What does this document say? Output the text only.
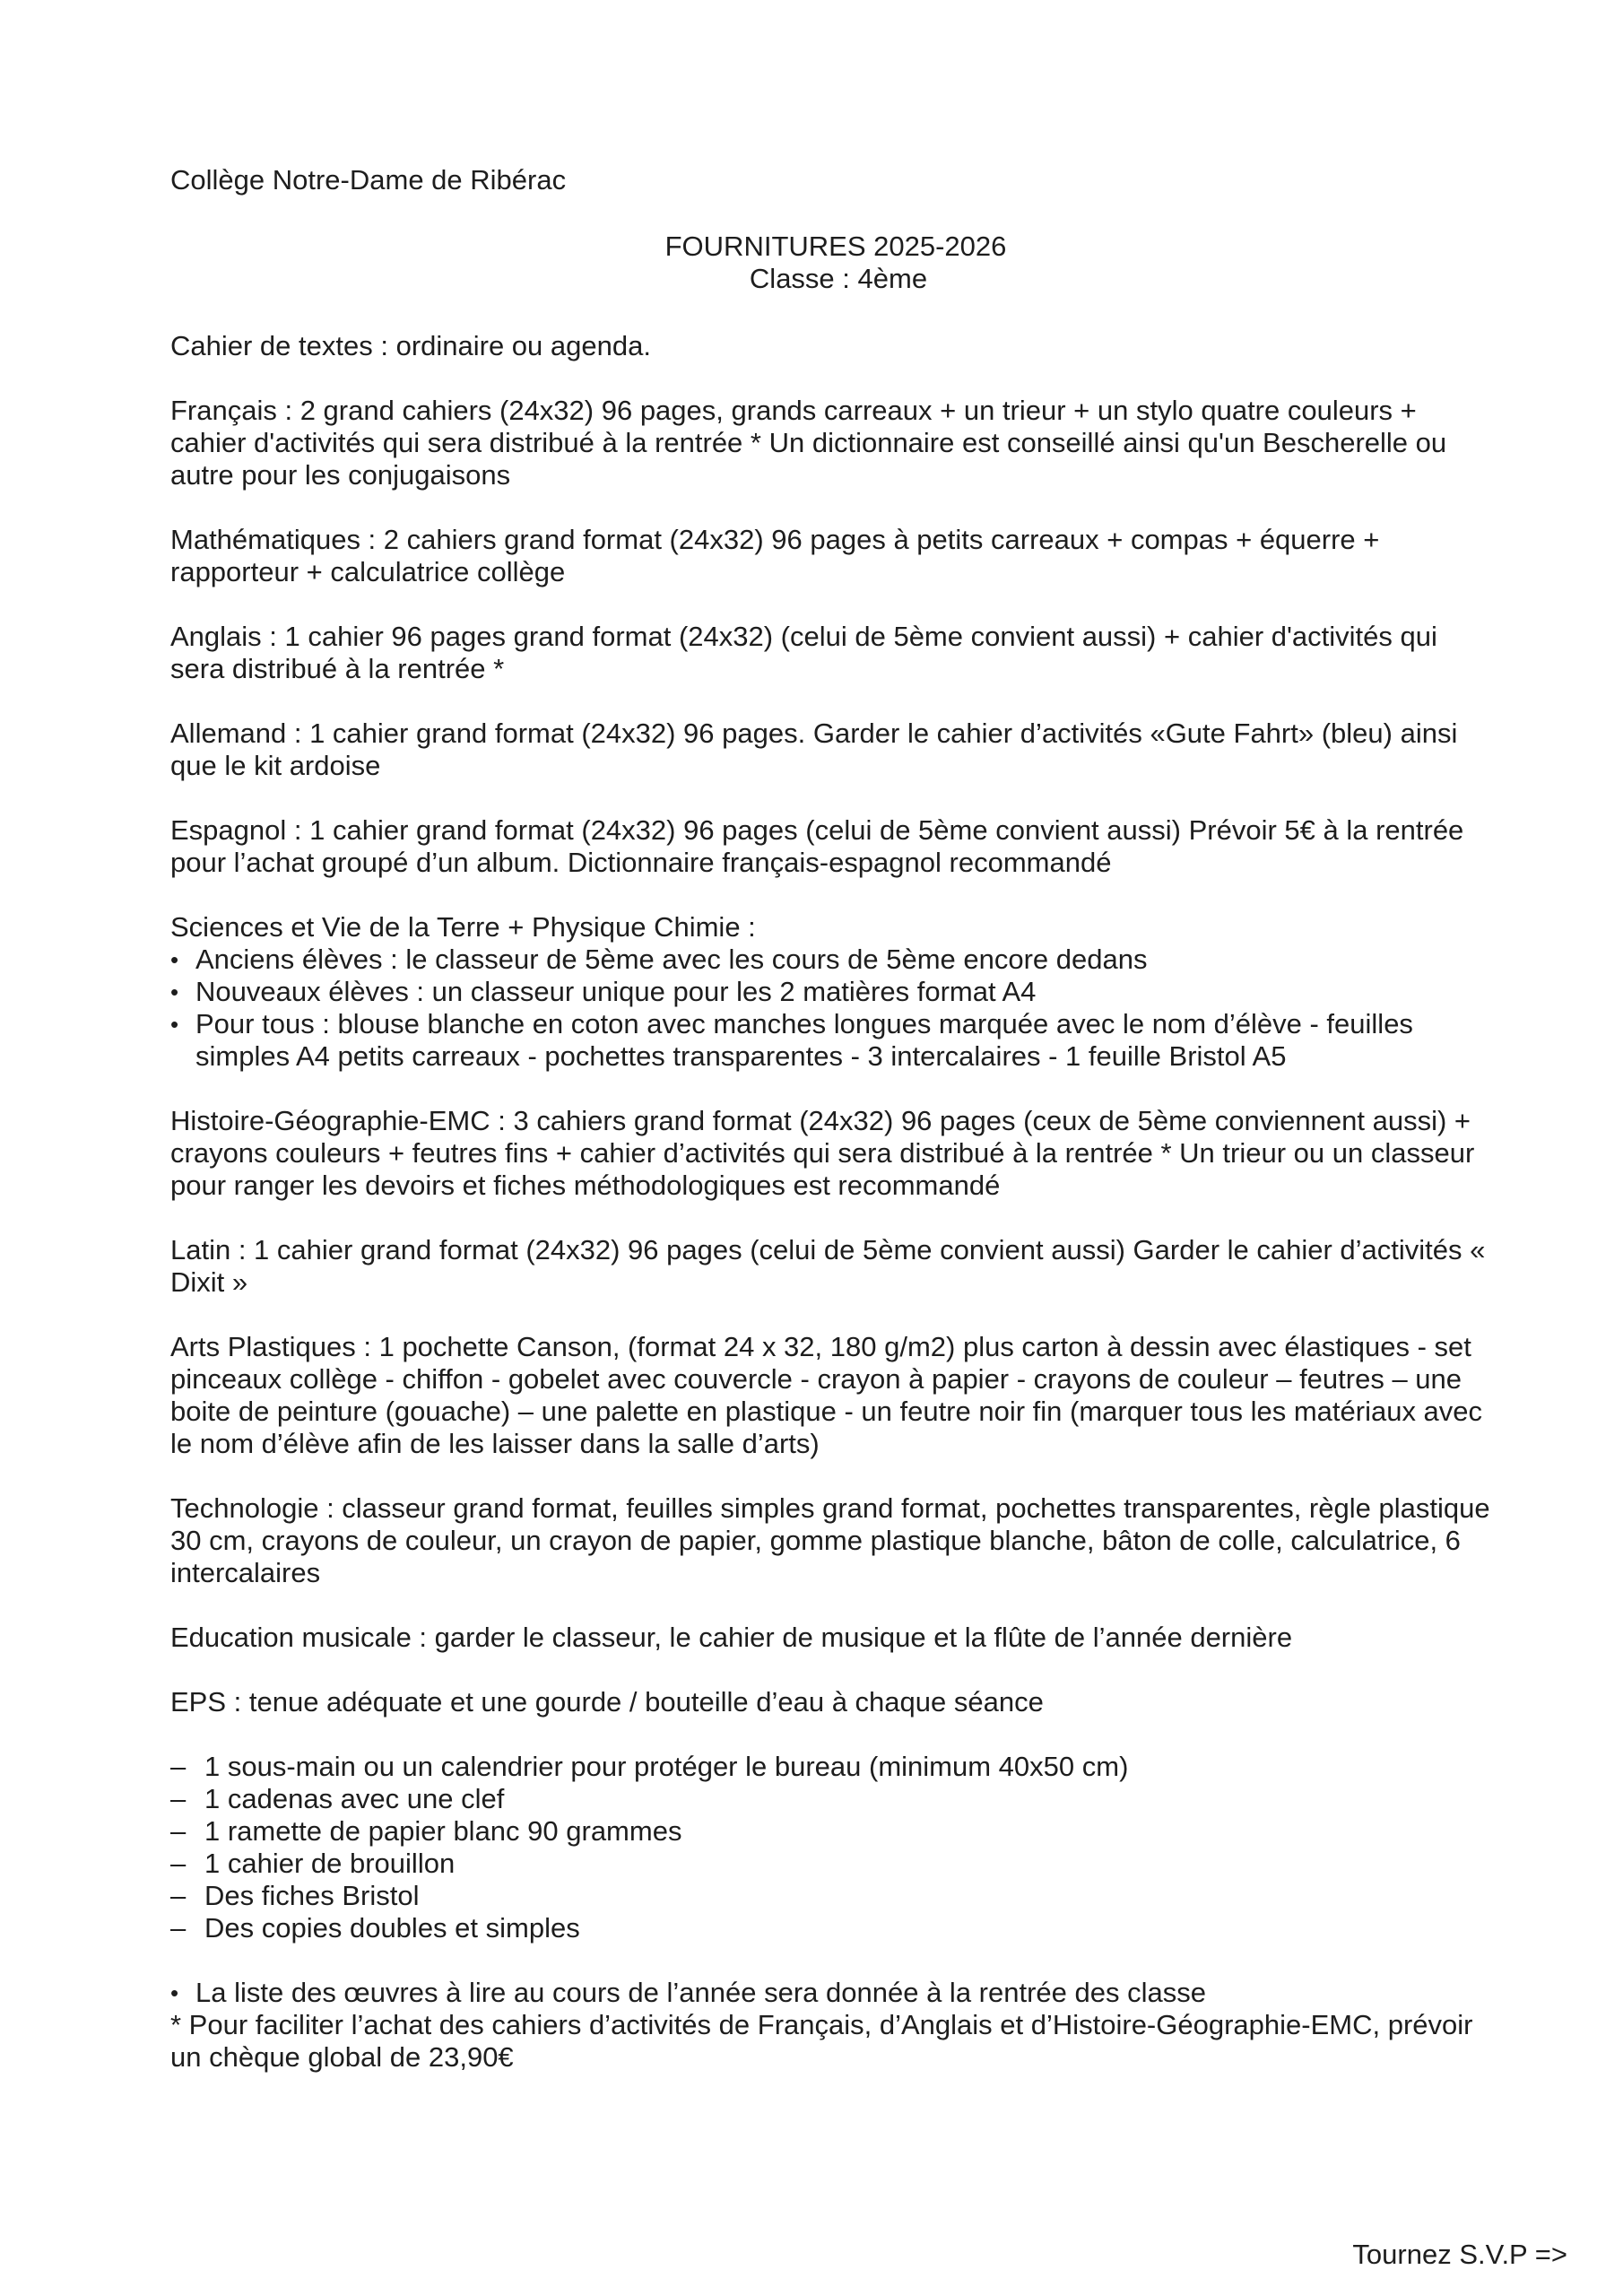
Collège Notre-Dame de Ribérac
FOURNITURES 2025-2026
Classe : 4ème
Cahier de textes : ordinaire ou agenda.

Français : 2 grand cahiers (24x32) 96 pages, grands carreaux + un trieur + un stylo quatre couleurs + cahier d'activités qui sera distribué à la rentrée * Un dictionnaire est conseillé ainsi qu'un Bescherelle ou autre pour les conjugaisons

Mathématiques : 2 cahiers grand format (24x32) 96 pages à petits carreaux + compas + équerre + rapporteur + calculatrice collège

Anglais : 1 cahier 96 pages grand format (24x32) (celui de 5ème convient aussi) + cahier d'activités qui sera distribué à la rentrée *

Allemand : 1 cahier grand format (24x32) 96 pages. Garder le cahier d’activités «Gute Fahrt» (bleu) ainsi que le kit ardoise

Espagnol : 1 cahier grand format (24x32) 96 pages (celui de 5ème convient aussi) Prévoir 5€ à la rentrée pour l’achat groupé d’un album. Dictionnaire français-espagnol recommandé

Sciences et Vie de la Terre + Physique Chimie :
• Anciens élèves : le classeur de 5ème avec les cours de 5ème encore dedans
• Nouveaux élèves : un classeur unique pour les 2 matières format A4
• Pour tous : blouse blanche en coton avec manches longues marquée avec le nom d’élève - feuilles simples A4 petits carreaux - pochettes transparentes - 3 intercalaires - 1 feuille Bristol A5

Histoire-Géographie-EMC : 3 cahiers grand format (24x32) 96 pages (ceux de 5ème conviennent aussi) + crayons couleurs + feutres fins + cahier d’activités qui sera distribué à la rentrée * Un trieur ou un classeur pour ranger les devoirs et fiches méthodologiques est recommandé

Latin : 1 cahier grand format (24x32) 96 pages (celui de 5ème convient aussi) Garder le cahier d’activités « Dixit »

Arts Plastiques : 1 pochette Canson, (format 24 x 32, 180 g/m2) plus carton à dessin avec élastiques - set pinceaux collège - chiffon - gobelet avec couvercle - crayon à papier - crayons de couleur – feutres – une boite de peinture (gouache) – une palette en plastique - un feutre noir fin (marquer tous les matériaux avec le nom d’élève afin de les laisser dans la salle d’arts)

Technologie : classeur grand format, feuilles simples grand format, pochettes transparentes, règle plastique 30 cm, crayons de couleur, un crayon de papier, gomme plastique blanche, bâton de colle, calculatrice, 6 intercalaires

Education musicale : garder le classeur, le cahier de musique et la flûte de l’année dernière

EPS : tenue adéquate et une gourde / bouteille d’eau à chaque séance

– 1 sous-main ou un calendrier pour protéger le bureau (minimum 40x50 cm)
– 1 cadenas avec une clef
– 1 ramette de papier blanc 90 grammes
– 1 cahier de brouillon
– Des fiches Bristol
– Des copies doubles et simples
• La liste des œuvres à lire au cours de l’année sera donnée à la rentrée des classe
* Pour faciliter l’achat des cahiers d’activités de Français, d’Anglais et d’Histoire-Géographie-EMC, prévoir un chèque global de 23,90€
Tournez S.V.P =>
